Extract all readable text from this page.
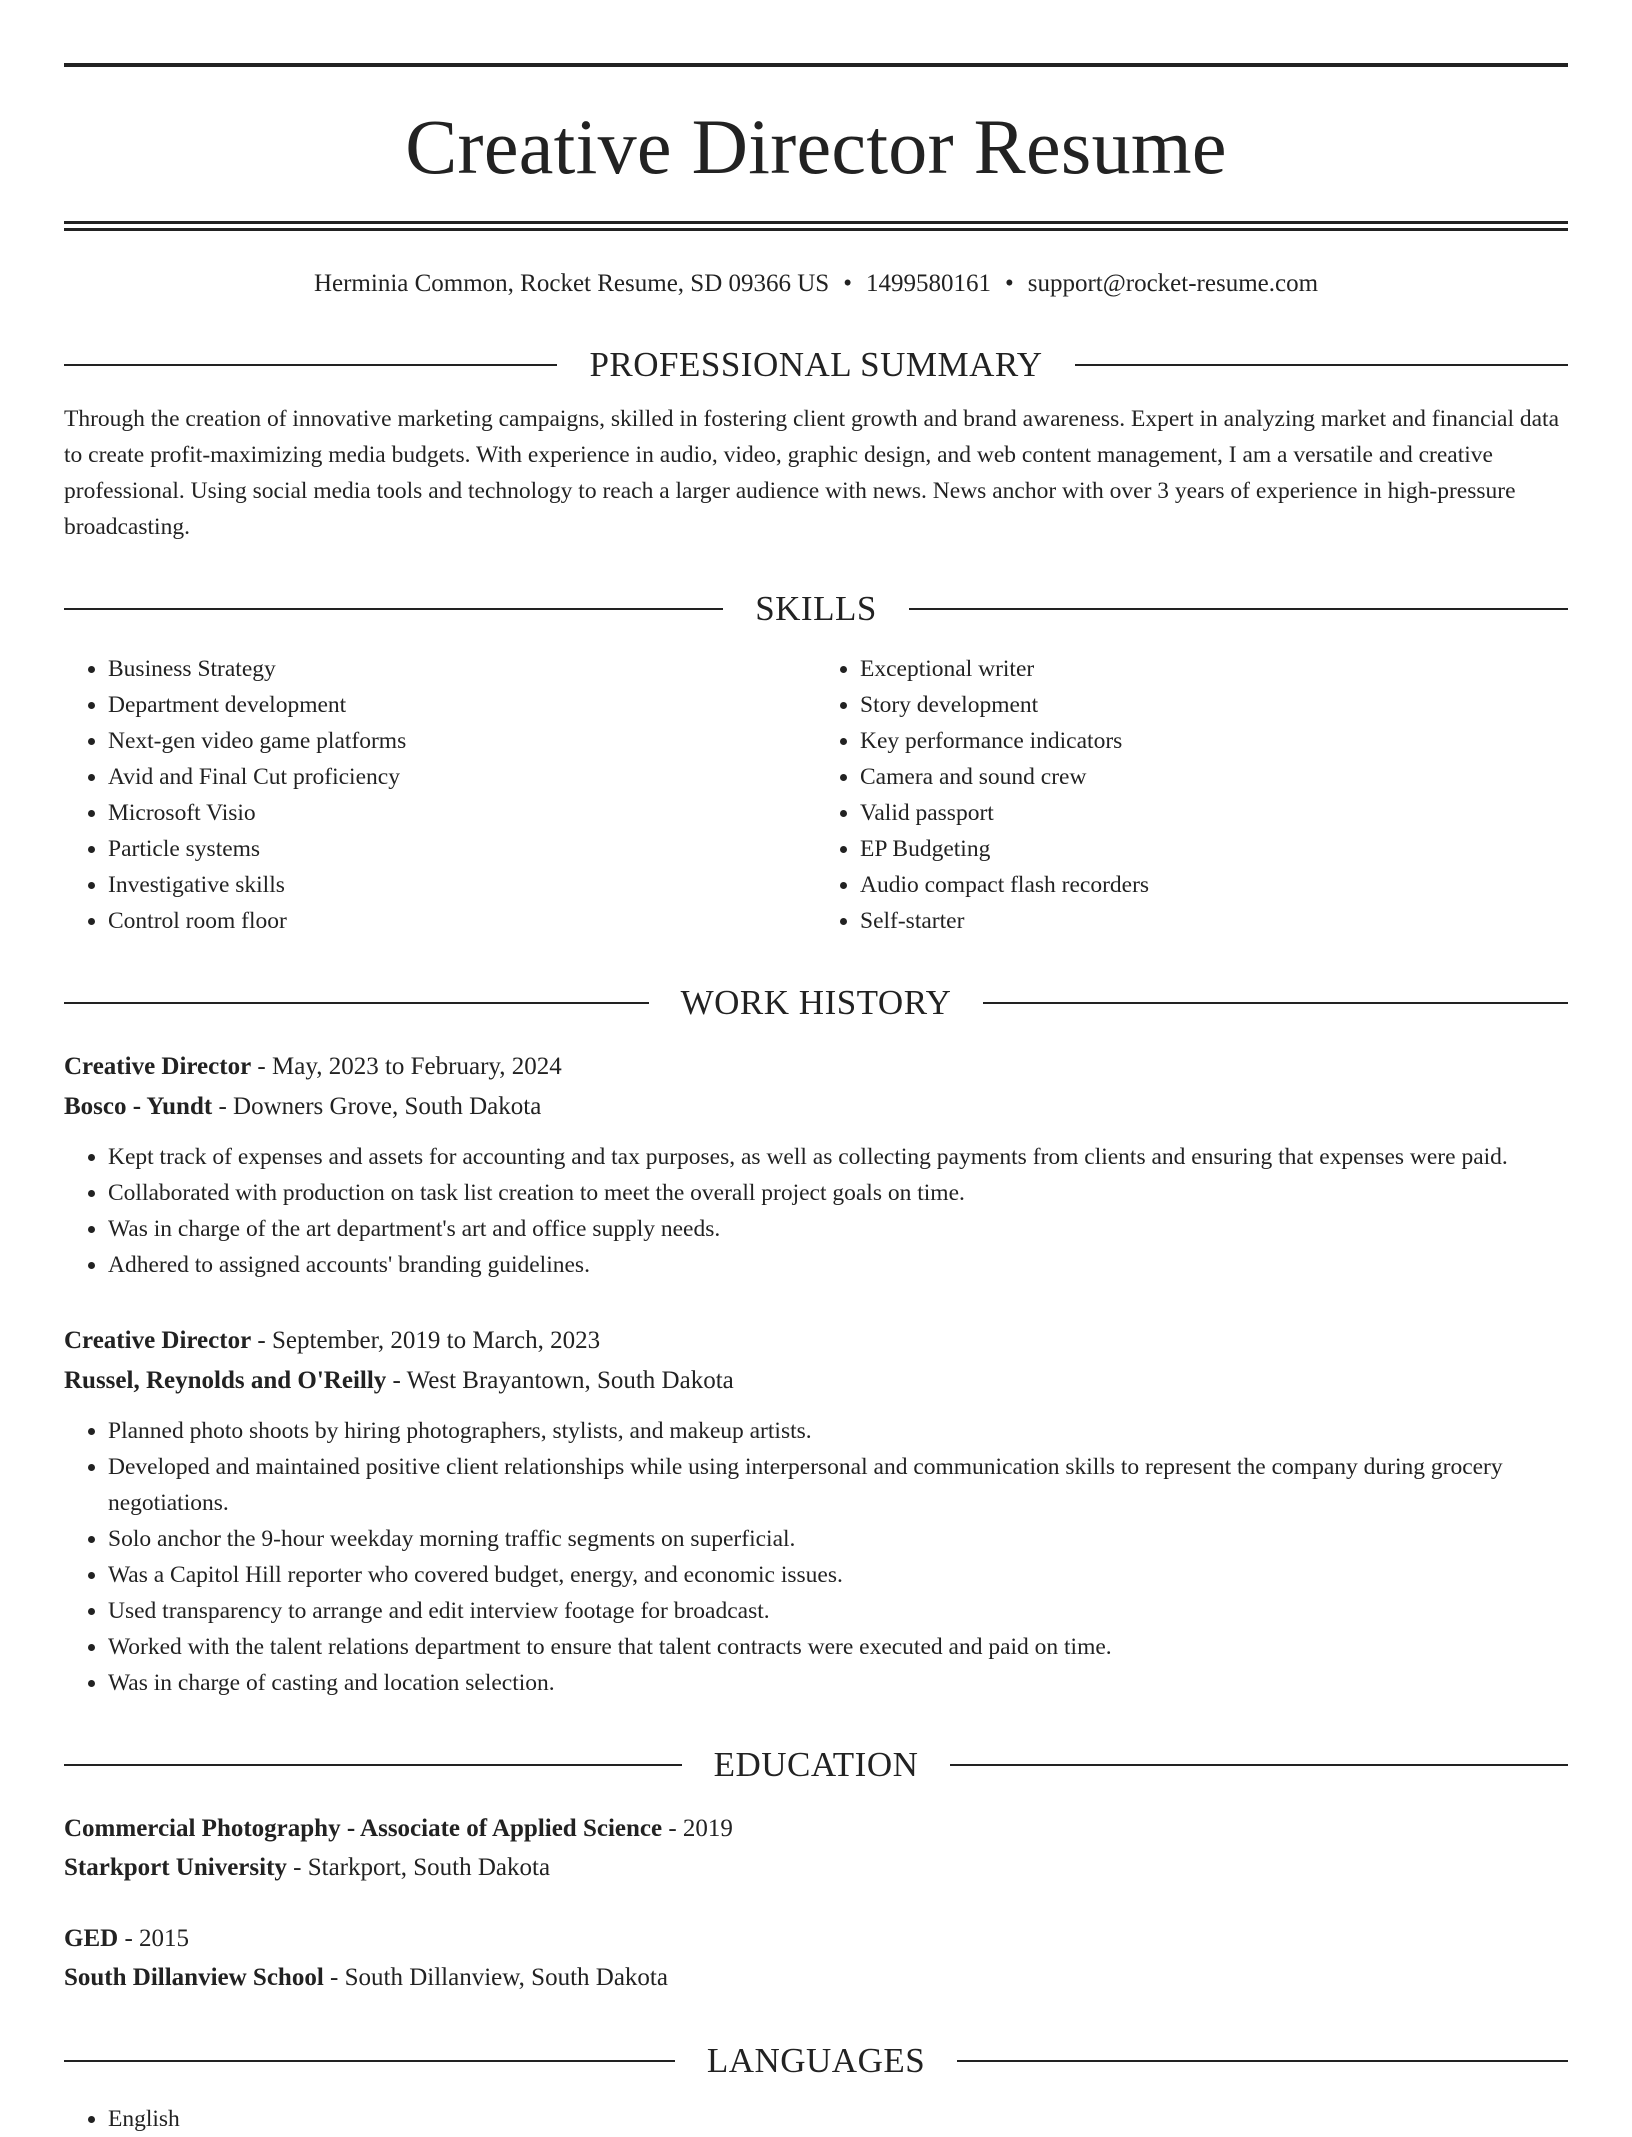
Creative Director Resume
Herminia Common, Rocket Resume, SD 09366 US • 1499580161 • support@rocket-resume.com
PROFESSIONAL SUMMARY
Through the creation of innovative marketing campaigns, skilled in fostering client growth and brand awareness. Expert in analyzing market and financial data to create profit-maximizing media budgets. With experience in audio, video, graphic design, and web content management, I am a versatile and creative professional. Using social media tools and technology to reach a larger audience with news. News anchor with over 3 years of experience in high-pressure broadcasting.
SKILLS
• Business Strategy
• Department development
• Next-gen video game platforms
• Avid and Final Cut proficiency
• Microsoft Visio
• Particle systems
• Investigative skills
• Control room floor
• Exceptional writer
• Story development
• Key performance indicators
• Camera and sound crew
• Valid passport
• EP Budgeting
• Audio compact flash recorders
• Self-starter
WORK HISTORY
Creative Director - May, 2023 to February, 2024
Bosco - Yundt - Downers Grove, South Dakota
• Kept track of expenses and assets for accounting and tax purposes, as well as collecting payments from clients and ensuring that expenses were paid.
• Collaborated with production on task list creation to meet the overall project goals on time.
• Was in charge of the art department's art and office supply needs.
• Adhered to assigned accounts' branding guidelines.
Creative Director - September, 2019 to March, 2023
Russel, Reynolds and O'Reilly - West Brayantown, South Dakota
• Planned photo shoots by hiring photographers, stylists, and makeup artists.
• Developed and maintained positive client relationships while using interpersonal and communication skills to represent the company during grocery negotiations.
• Solo anchor the 9-hour weekday morning traffic segments on superficial.
• Was a Capitol Hill reporter who covered budget, energy, and economic issues.
• Used transparency to arrange and edit interview footage for broadcast.
• Worked with the talent relations department to ensure that talent contracts were executed and paid on time.
• Was in charge of casting and location selection.
EDUCATION
Commercial Photography - Associate of Applied Science - 2019
Starkport University - Starkport, South Dakota
GED - 2015
South Dillanview School - South Dillanview, South Dakota
LANGUAGES
• English
